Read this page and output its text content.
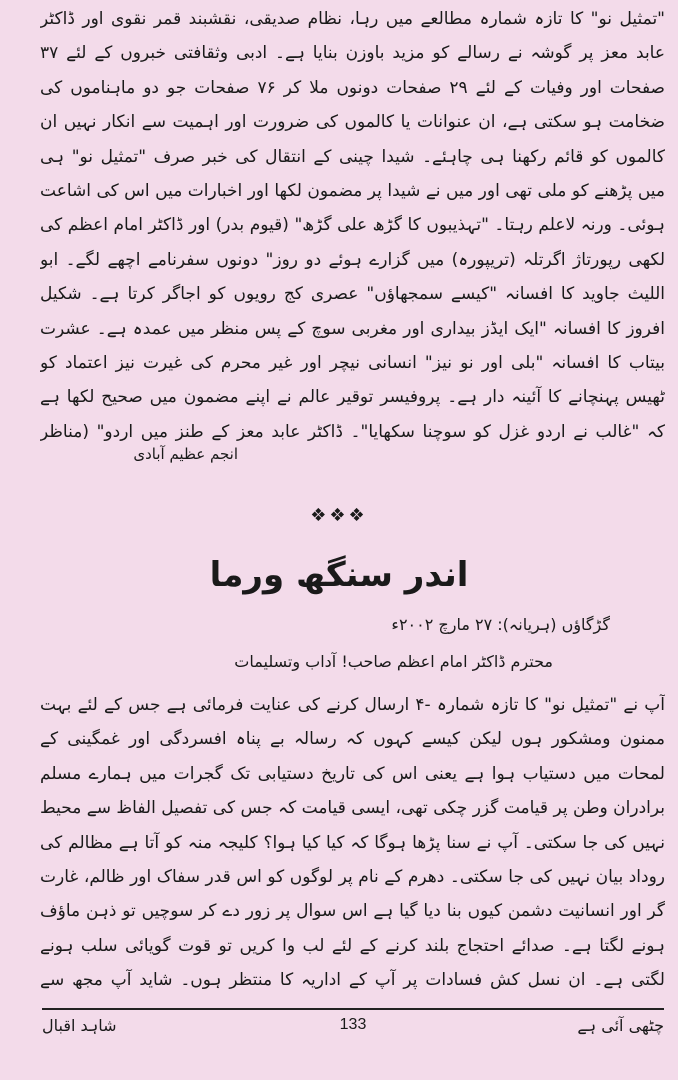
"تمثیل نو" کا تازہ شمارہ مطالعے میں رہا، نظام صدیقی، نقشبند قمر نقوی اور ڈاکٹر عابد معز پر گوشہ نے رسالے کو مزید باوزن بنایا ہے۔ ادبی وثقافتی خبروں کے لئے ۳۷ صفحات اور وفیات کے لئے ۲۹ صفحات دونوں ملا کر ۷۶ صفحات جو دو ماہناموں کی ضخامت ہو سکتی ہے، ان عنوانات یا کالموں کی ضرورت اور اہمیت سے انکار نہیں ان کالموں کو قائم رکھنا ہی چاہئے۔ شیدا چینی کے انتقال کی خبر صرف "تمثیل نو" ہی میں پڑھنے کو ملی تھی اور میں نے شیدا پر مضمون لکھا اور اخبارات میں اس کی اشاعت ہوئی۔ ورنہ لاعلم رہتا۔ "تہذیبوں کا گڑھ علی گڑھ" (قیوم بدر) اور ڈاکٹر امام اعظم کی لکھی رپورتاژ اگرتلہ (تریپورہ) میں گزارے ہوئے دو روز" دونوں سفرنامے اچھے لگے۔ ابو اللیث جاوید کا افسانہ "کیسے سمجھاؤں" عصری کج رویوں کو اجاگر کرتا ہے۔ شکیل افروز کا افسانہ "ایک ایڈز بیداری اور مغربی سوچ کے پس منظر میں عمدہ ہے۔ عشرت بیتاب کا افسانہ "بلی اور نو نیز" انسانی نیچر اور غیر محرم کی غیرت نیز اعتماد کو ٹھیس پہنچانے کا آئینہ دار ہے۔ پروفیسر توقیر عالم نے اپنے مضمون میں صحیح لکھا ہے کہ "غالب نے اردو غزل کو سوچنا سکھایا"۔ ڈاکٹر عابد معز کے طنز میں اردو" (مناظر

انجم عظیم آبادی
❖❖❖
اندر سنگھ ورما
گڑگاؤں (ہریانہ): ۲۷ مارچ ۲۰۰۲ء
محترم ڈاکٹر امام اعظم صاحب! آداب وتسلیمات

آپ نے "تمثیل نو" کا تازہ شمارہ -۴ ارسال کرنے کی عنایت فرمائی ہے جس کے لئے بہت ممنون ومشکور ہوں لیکن کیسے کہوں کہ رسالہ بے پناہ افسردگی اور غمگینی کے لمحات میں دستیاب ہوا ہے یعنی اس کی تاریخ دستیابی تک گجرات میں ہمارے مسلم برادران وطن پر قیامت گزر چکی تھی، ایسی قیامت کہ جس کی تفصیل الفاظ سے محیط نہیں کی جا سکتی۔ آپ نے سنا پڑھا ہوگا کہ کیا کیا ہوا؟ کلیجہ منہ کو آتا ہے مظالم کی روداد بیان نہیں کی جا سکتی۔ دھرم کے نام پر لوگوں کو اس قدر سفاک اور ظالم، غارت گر اور انسانیت دشمن کیوں بنا دیا گیا ہے اس سوال پر زور دے کر سوچیں تو ذہن ماؤف ہونے لگتا ہے۔ صدائے احتجاج بلند کرنے کے لئے لب وا کریں تو قوت گویائی سلب ہونے لگتی ہے۔ ان نسل کش فسادات پر آپ کے اداریہ کا منتظر ہوں۔ شاید آپ مجھ سے

شاہد اقبال	133	چٹھی آئی ہے
